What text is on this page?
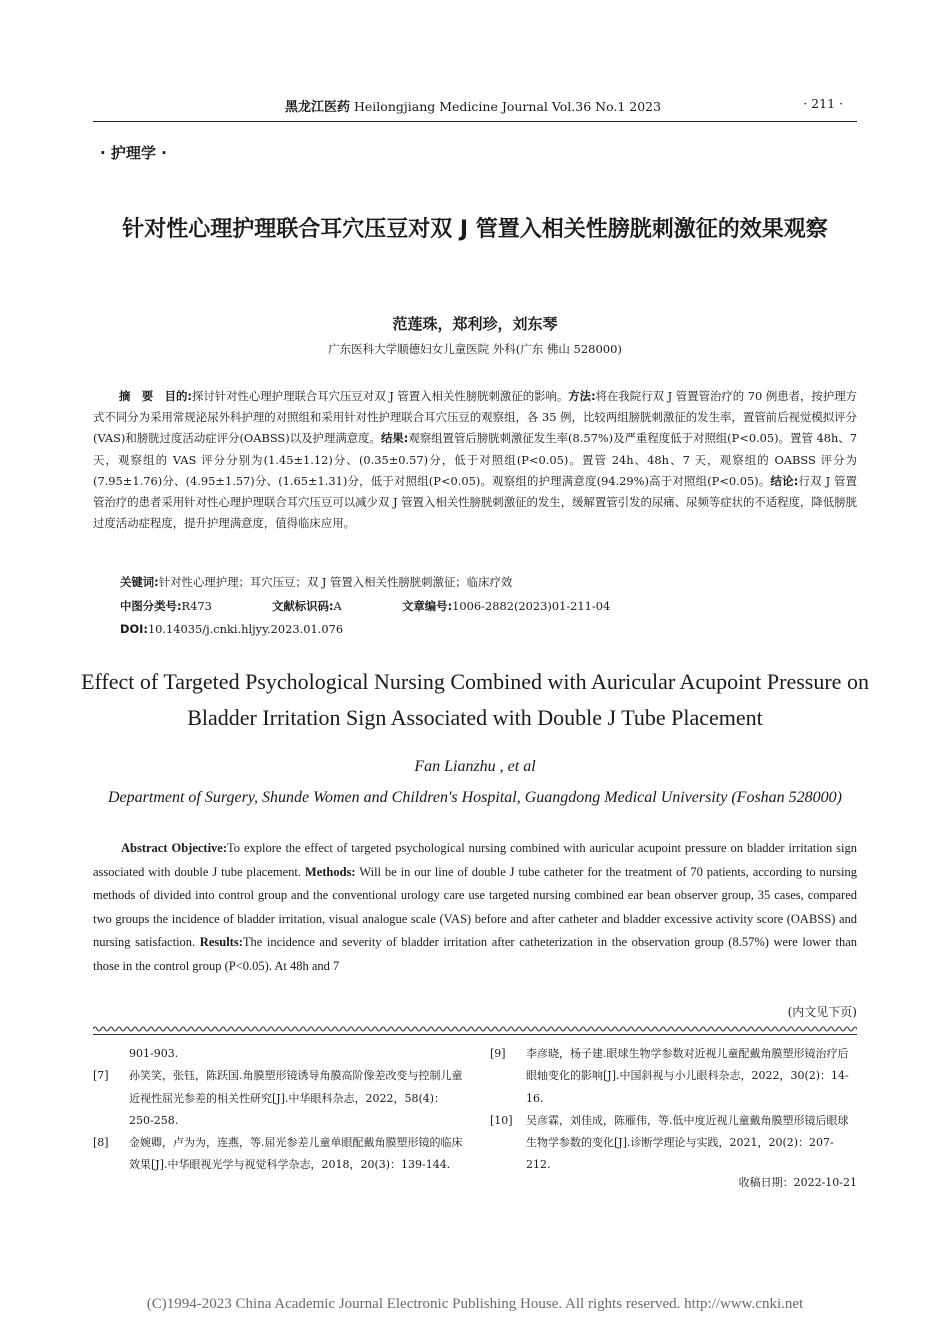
黑龙江医药 Heilongjiang Medicine Journal Vol.36 No.1 2023	· 211 ·
· 护理学 ·
针对性心理护理联合耳穴压豆对双 J 管置入相关性膀胱刺激征的效果观察
范莲珠，郑利珍，刘东琴
广东医科大学顺德妇女儿童医院 外科(广东 佛山 528000)
摘　要　 目的:探讨针对性心理护理联合耳穴压豆对双 J 管置入相关性膀胱刺激征的影响。方法:将在我院行双 J 管置管治疗的 70 例患者，按护理方式不同分为采用常规泌尿外科护理的对照组和采用针对性护理联合耳穴压豆的观察组，各 35 例，比较两组膀胱刺激征的发生率，置管前后视觉模拟评分(VAS)和膀胱过度活动症评分(OABSS)以及护理满意度。结果:观察组置管后膀胱刺激征发生率(8.57%)及严重程度低于对照组(P<0.05)。置管 48h、7 天，观察组的 VAS 评分分别为(1.45±1.12)分、(0.35±0.57)分，低于对照组(P<0.05)。置管 24h、48h、7 天，观察组的 OABSS 评分为(7.95±1.76)分、(4.95±1.57)分、(1.65±1.31)分，低于对照组(P<0.05)。观察组的护理满意度(94.29%)高于对照组(P<0.05)。结论:行双 J 管置管治疗的患者采用针对性心理护理联合耳穴压豆可以减少双 J 管置入相关性膀胱刺激征的发生，缓解置管引发的尿痛、尿频等症状的不适程度，降低膀胱过度活动症程度，提升护理满意度，值得临床应用。
关键词:针对性心理护理；耳穴压豆；双 J 管置入相关性膀胱刺激征；临床疗效
中图分类号:R473	文献标识码:A	文章编号:1006-2882(2023)01-211-04
DOI:10.14035/j.cnki.hljyy.2023.01.076
Effect of Targeted Psychological Nursing Combined with Auricular Acupoint Pressure on Bladder Irritation Sign Associated with Double J Tube Placement
Fan Lianzhu , et al
Department of Surgery, Shunde Women and Children's Hospital, Guangdong Medical University (Foshan 528000)
Abstract Objective:To explore the effect of targeted psychological nursing combined with auricular acupoint pressure on bladder irritation sign associated with double J tube placement. Methods: Will be in our line of double J tube catheter for the treatment of 70 patients, according to nursing methods of divided into control group and the conventional urology care use targeted nursing combined ear bean observer group, 35 cases, compared two groups the incidence of bladder irritation, visual analogue scale (VAS) before and after catheter and bladder excessive activity score (OABSS) and nursing satisfaction. Results:The incidence and severity of bladder irritation after catheterization in the observation group (8.57%) were lower than those in the control group (P<0.05). At 48h and 7
(内文见下页)
901-903.
[7]	孙笑笑，张钰，陈跃国.角膜塑形镜诱导角膜高阶像差改变与控制儿童近视性屈光参差的相关性研究[J].中华眼科杂志，2022，58(4)：250-258.
[8]	金婉卿，卢为为，连燕，等.屈光参差儿童单眼配戴角膜塑形镜的临床效果[J].中华眼视光学与视觉科学杂志，2018，20(3)：139-144.
[9]	李彦晓，杨子建.眼球生物学参数对近视儿童配戴角膜塑形镜治疗后眼轴变化的影响[J].中国斜视与小儿眼科杂志，2022，30(2)：14-16.
[10]	吴彦霖，刘佳成，陈雁伟，等.低中度近视儿童戴角膜塑形镜后眼球生物学参数的变化[J].诊断学理论与实践，2021，20(2)：207-212.
收稿日期：2022-10-21
(C)1994-2023 China Academic Journal Electronic Publishing House. All rights reserved. http://www.cnki.net
